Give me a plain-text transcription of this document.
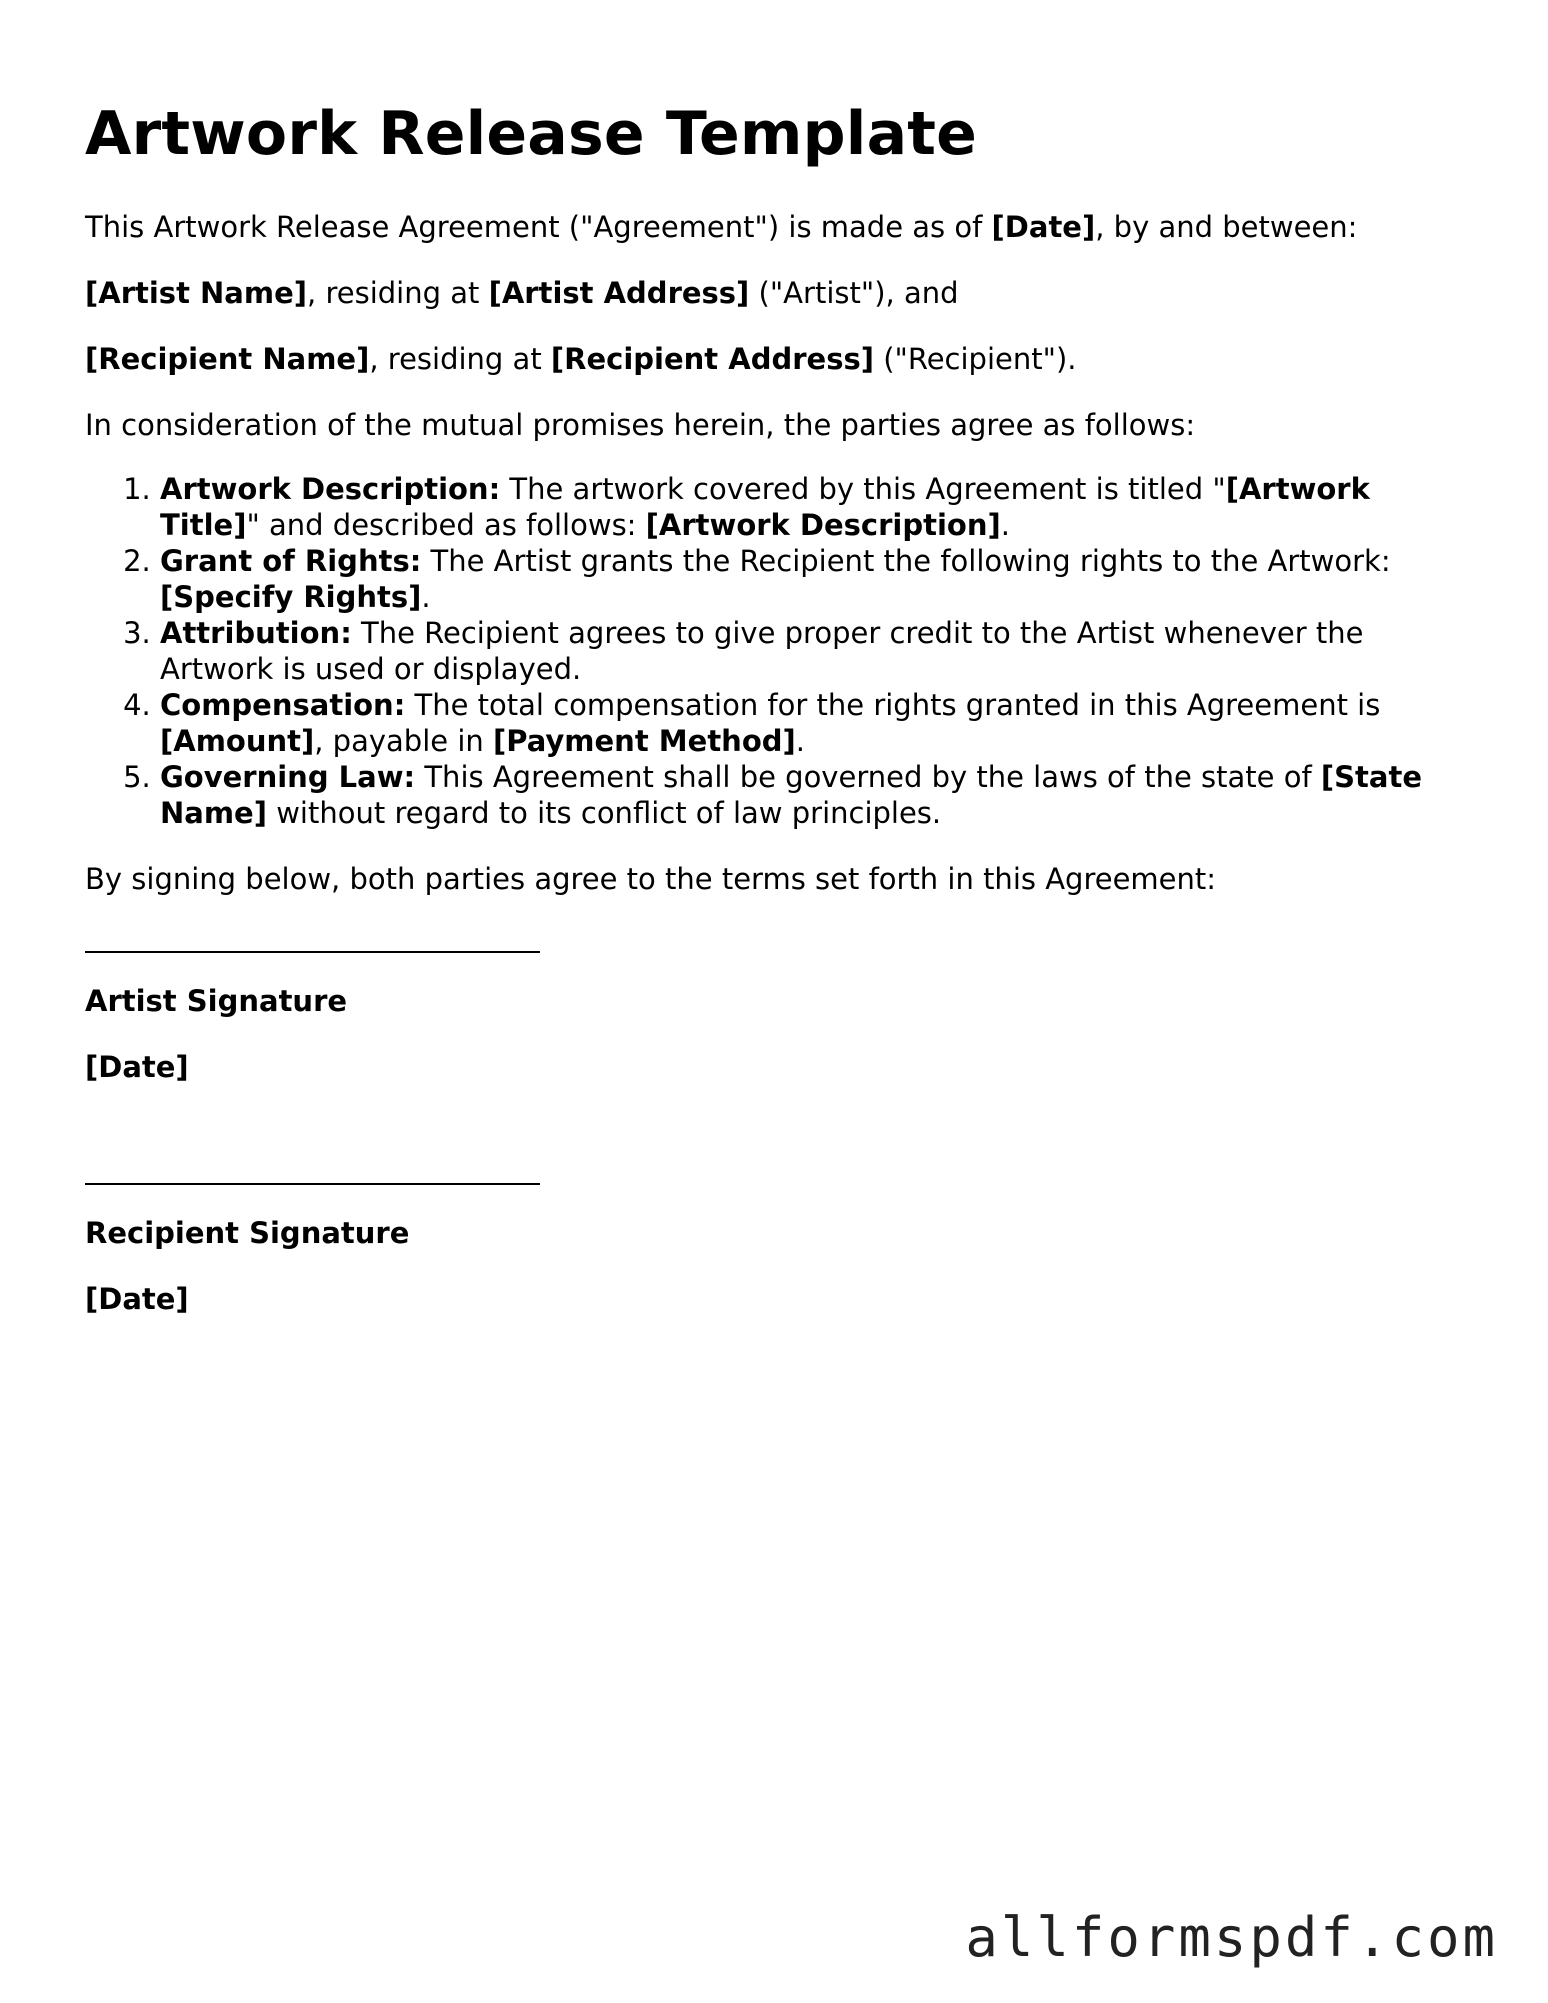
Artwork Release Template

This Artwork Release Agreement ("Agreement") is made as of [Date], by and between:

[Artist Name], residing at [Artist Address] ("Artist"), and

[Recipient Name], residing at [Recipient Address] ("Recipient").

In consideration of the mutual promises herein, the parties agree as follows:

1. Artwork Description: The artwork covered by this Agreement is titled "[Artwork Title]" and described as follows: [Artwork Description].
2. Grant of Rights: The Artist grants the Recipient the following rights to the Artwork: [Specify Rights].
3. Attribution: The Recipient agrees to give proper credit to the Artist whenever the Artwork is used or displayed.
4. Compensation: The total compensation for the rights granted in this Agreement is [Amount], payable in [Payment Method].
5. Governing Law: This Agreement shall be governed by the laws of the state of [State Name] without regard to its conflict of law principles.

By signing below, both parties agree to the terms set forth in this Agreement:

Artist Signature
[Date]
Recipient Signature
[Date]
allformspdf.com
